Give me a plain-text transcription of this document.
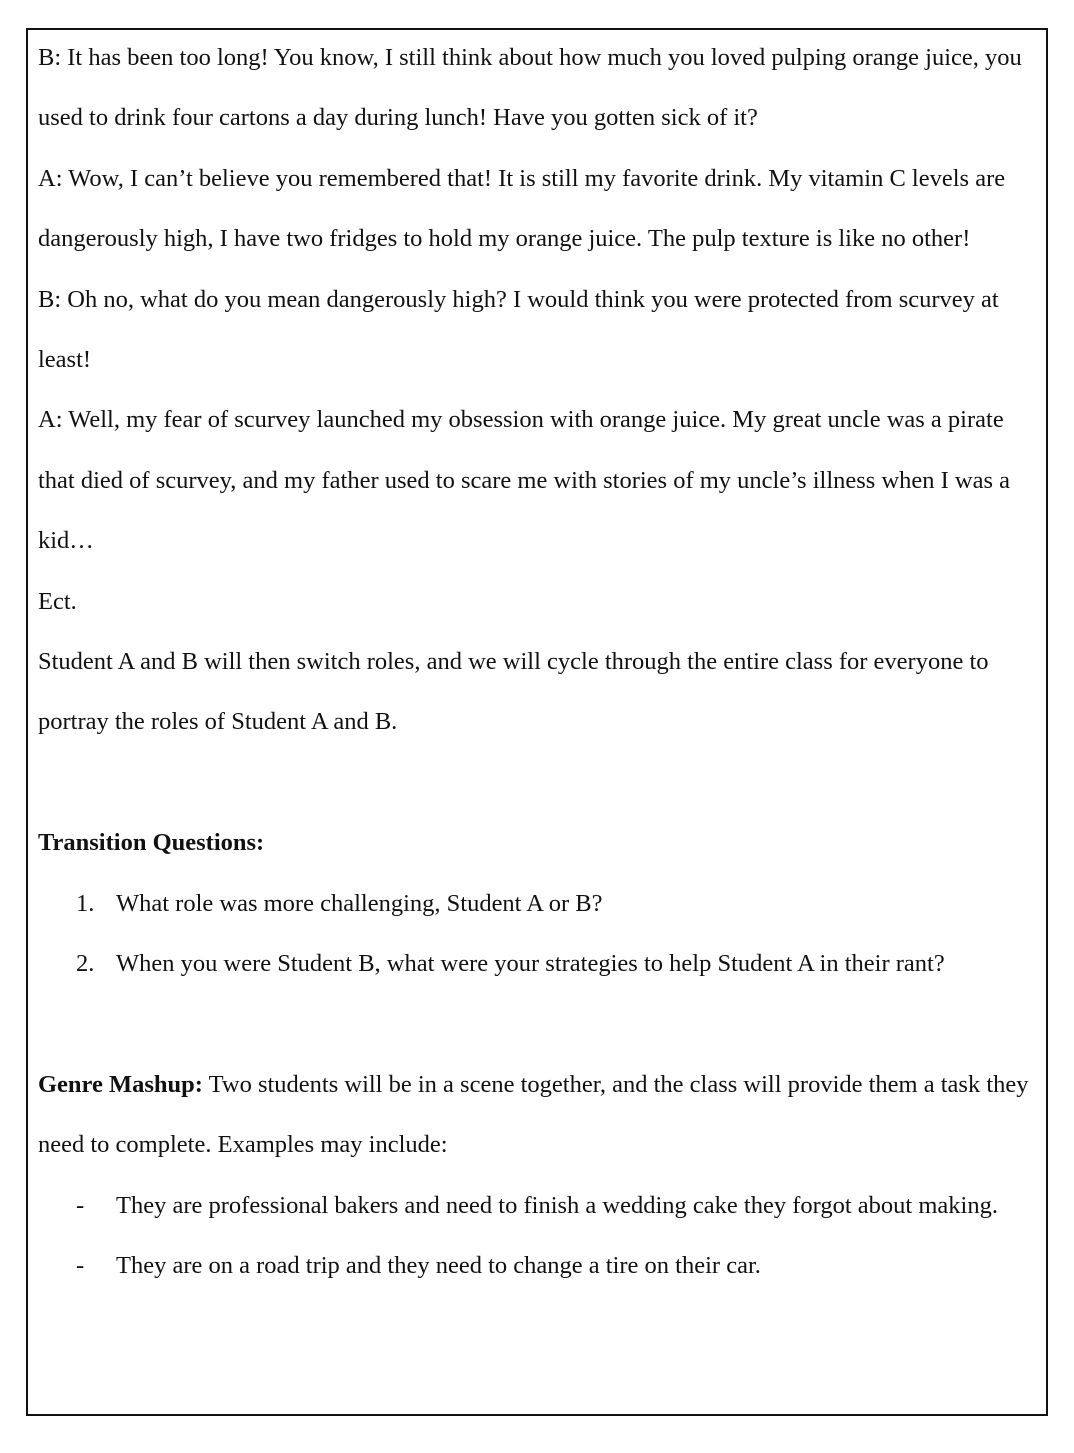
B: It has been too long! You know, I still think about how much you loved pulping orange juice, you used to drink four cartons a day during lunch! Have you gotten sick of it?

A: Wow, I can’t believe you remembered that! It is still my favorite drink. My vitamin C levels are dangerously high, I have two fridges to hold my orange juice. The pulp texture is like no other!

B: Oh no, what do you mean dangerously high? I would think you were protected from scurvey at least!

A: Well, my fear of scurvey launched my obsession with orange juice. My great uncle was a pirate that died of scurvey, and my father used to scare me with stories of my uncle’s illness when I was a kid…

Ect.

Student A and B will then switch roles, and we will cycle through the entire class for everyone to portray the roles of Student A and B.

Transition Questions:

1. What role was more challenging, Student A or B?
2. When you were Student B, what were your strategies to help Student A in their rant?

Genre Mashup: Two students will be in a scene together, and the class will provide them a task they need to complete. Examples may include:

- They are professional bakers and need to finish a wedding cake they forgot about making.
- They are on a road trip and they need to change a tire on their car.
